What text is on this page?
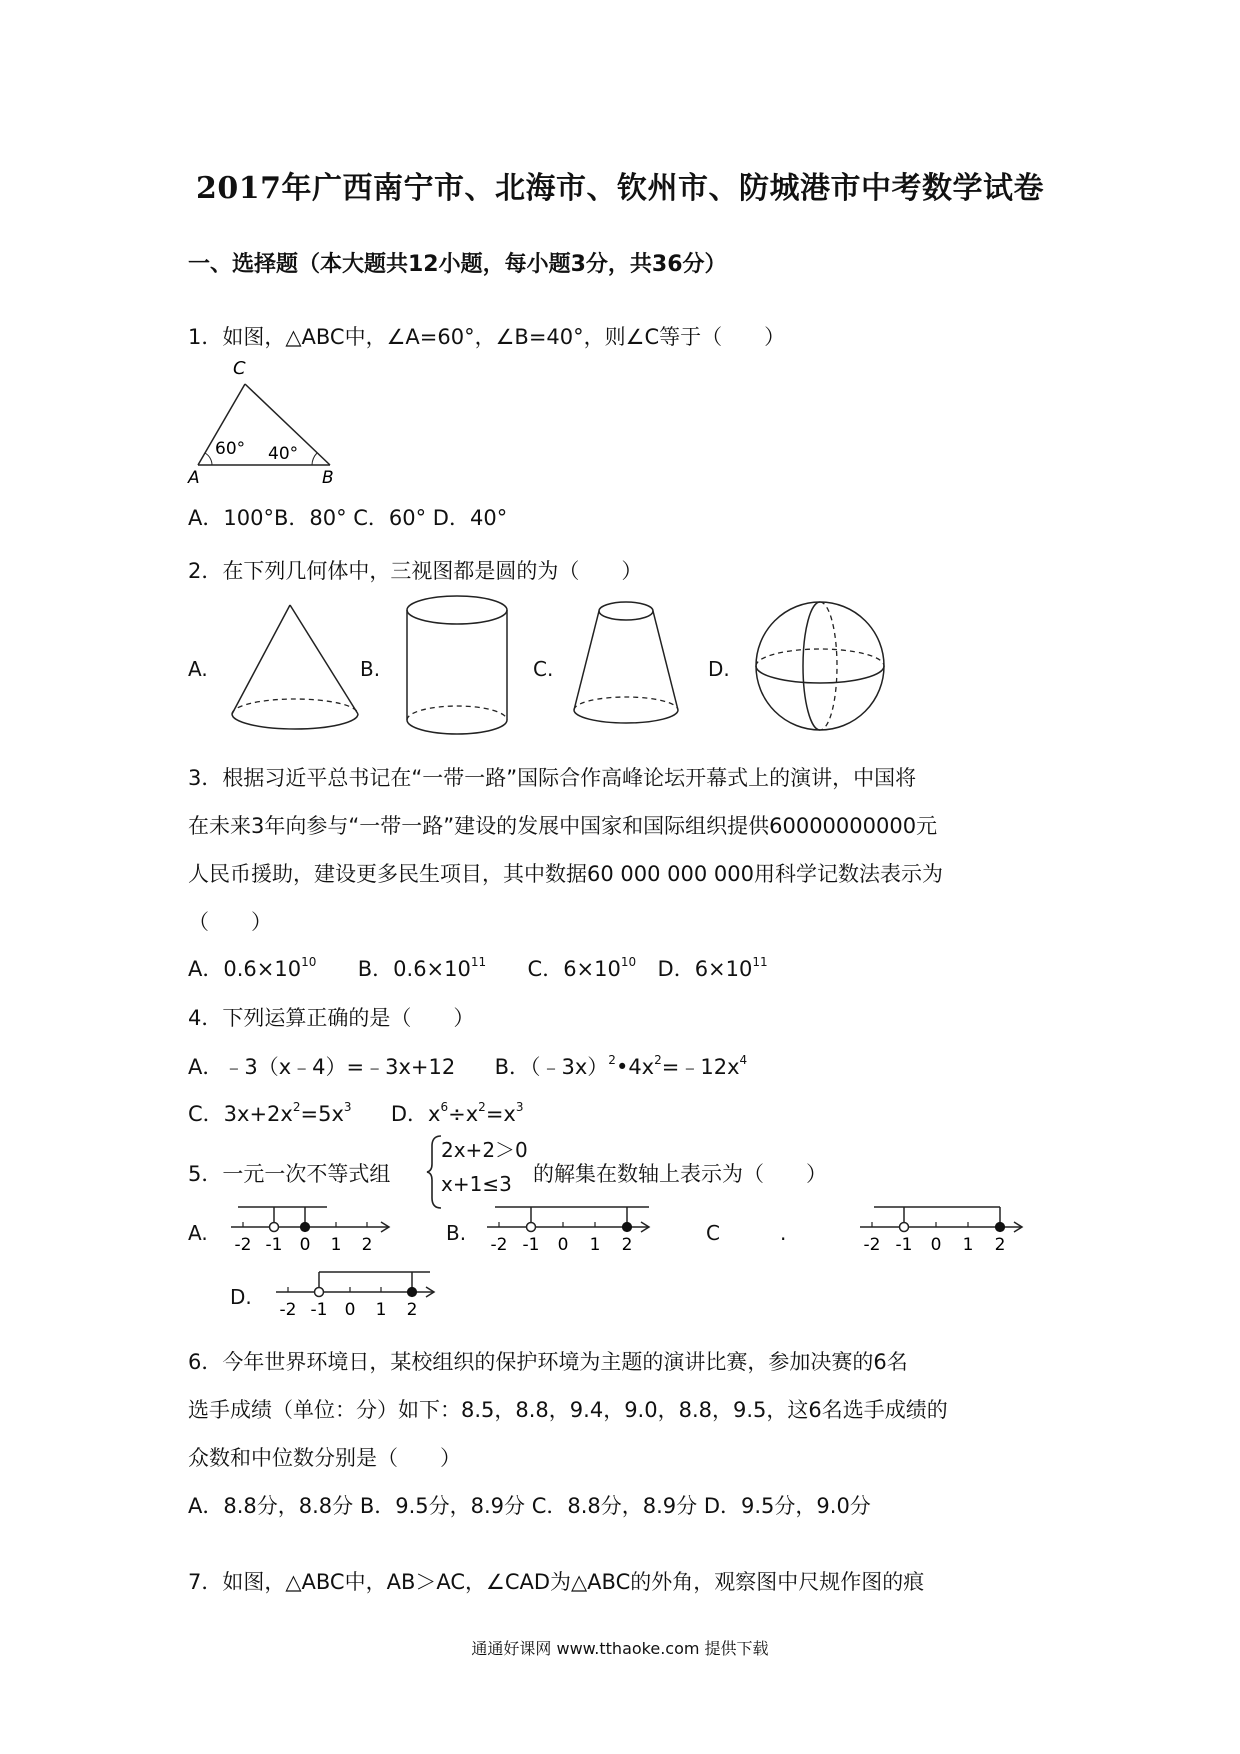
2017年广西南宁市、北海市、钦州市、防城港市中考数学试卷
一、选择题（本大题共12小题，每小题3分，共36分）
1．如图，△ABC中，∠A=60°，∠B=40°，则∠C等于（　　）
C
A	B
60° 40°
A．100°B．80° C．60° D．40°
2．在下列几何体中，三视图都是圆的为（　　）
A.	B.	C.	D.
3．根据习近平总书记在“一带一路”国际合作高峰论坛开幕式上的演讲，中国将
在未来3年向参与“一带一路”建设的发展中国家和国际组织提供60000000000元
人民币援助，建设更多民生项目，其中数据60 000 000 000用科学记数法表示为
（　　）
A．$0.6\times 10^{10}$ B．$0.6\times 10^{11}$ C．$6\times 10^{10}$ D．$6\times 10^{11}$
4．下列运算正确的是（　　）
A．﹣3（x﹣4）=﹣3x+12 B．$(﹣3x)^2•4x^2=﹣12x^4$
C．$3x+2x^2=5x^3$ D．$x^6\div x^2=x^3$
5．一元一次不等式组
2x+2＞0
x+1≤3 的解集在数轴上表示为（　　）
A. -2 -1 0 1 2	B. -2 -1 0 1 2	C	.	-2 -1 0 1 2
D.
-2 -1 0 1 2
6．今年世界环境日，某校组织的保护环境为主题的演讲比赛，参加决赛的6名
选手成绩（单位：分）如下：8.5，8.8，9.4，9.0，8.8，9.5，这6名选手成绩的
众数和中位数分别是（　　）
A．8.8分，8.8分 B．9.5分，8.9分 C．8.8分，8.9分 D．9.5分，9.0分
7．如图，△ABC中，AB＞AC，∠CAD为△ABC的外角，观察图中尺规作图的痕
通通好课网 www.tthaoke.com 提供下载
